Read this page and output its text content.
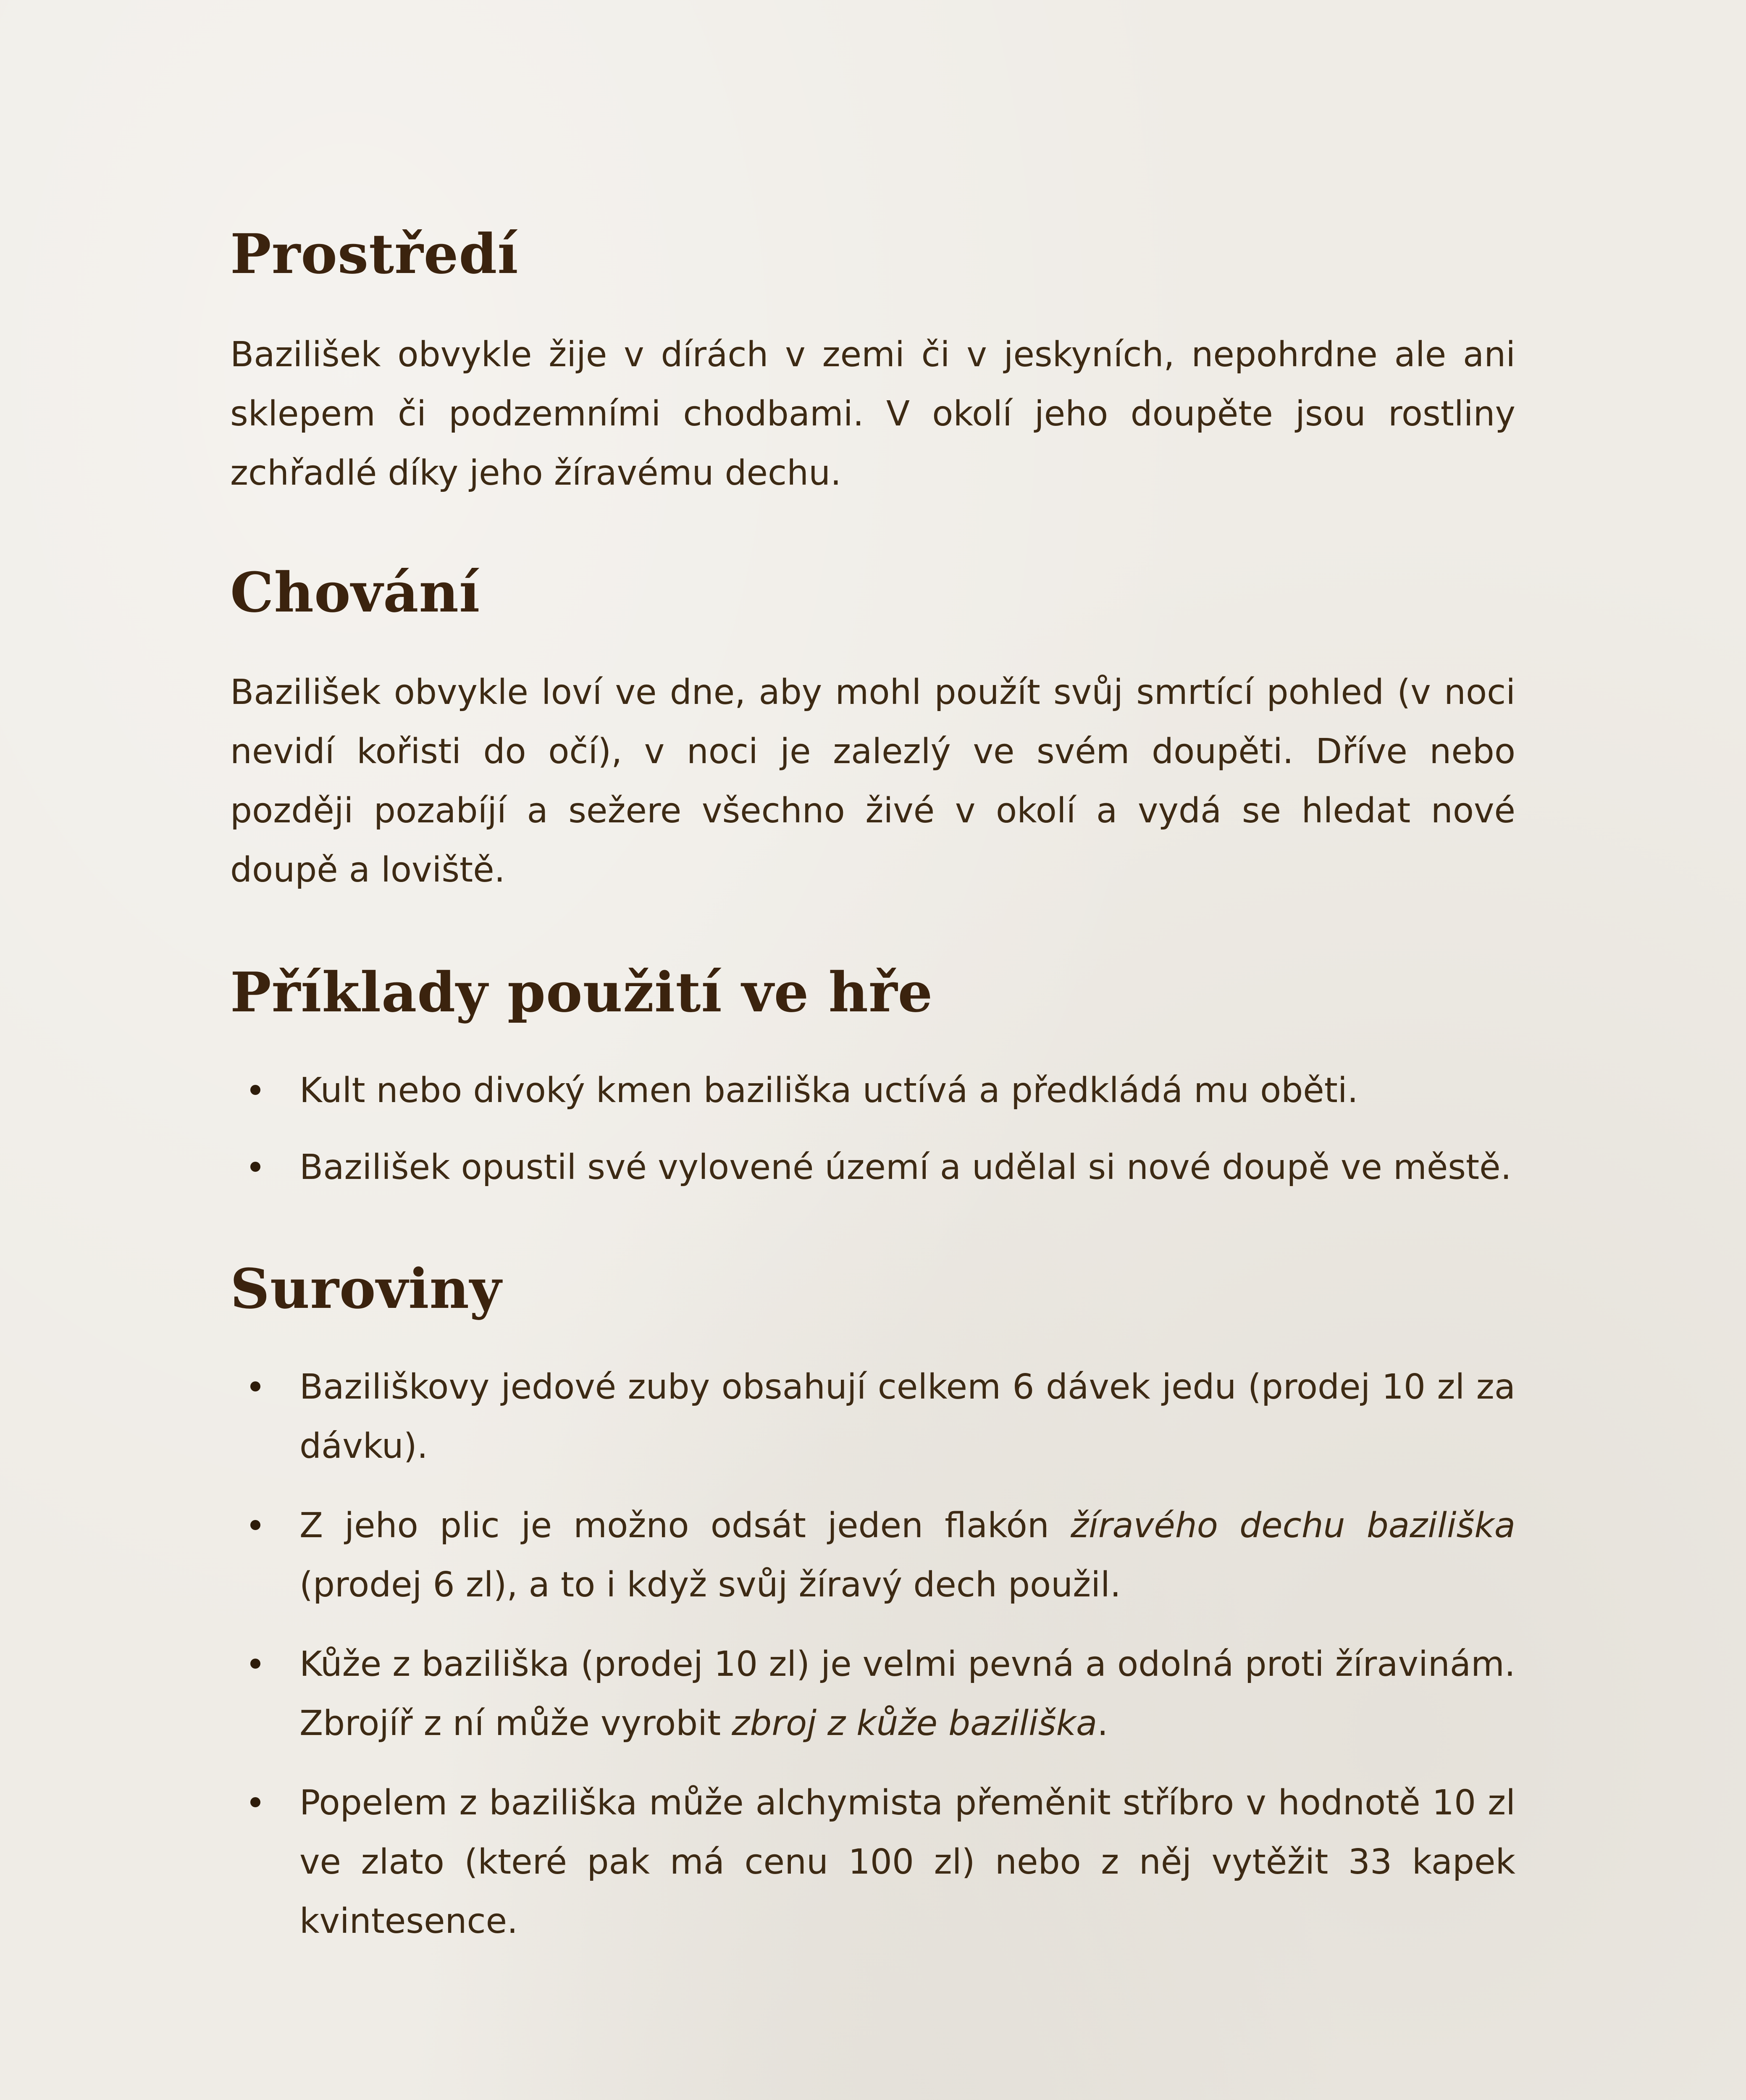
Prostředí

Bazilišek obvykle žije v dírách v zemi či v jeskyních, nepohrdne ale ani sklepem či podzemními chodbami. V okolí jeho doupěte jsou rostliny zchřadlé díky jeho žíravému dechu.

Chování

Bazilišek obvykle loví ve dne, aby mohl použít svůj smrtící pohled (v noci nevidí kořisti do očí), v noci je zalezlý ve svém doupěti. Dříve nebo později pozabíjí a sežere všechno živé v okolí a vydá se hledat nové doupě a loviště.

Příklady použití ve hře
Kult nebo divoký kmen baziliška uctívá a předkládá mu oběti.
Bazilišek opustil své vylovené území a udělal si nové doupě ve městě.
Suroviny
Baziliškovy jedové zuby obsahují celkem 6 dávek jedu (prodej 10 zl za dávku).
Z jeho plic je možno odsát jeden flakón žíravého dechu baziliška (prodej 6 zl), a to i když svůj žíravý dech použil.
Kůže z baziliška (prodej 10 zl) je velmi pevná a odolná proti žíravinám. Zbrojíř z ní může vyrobit zbroj z kůže baziliška.
Popelem z baziliška může alchymista přeměnit stříbro v hodnotě 10 zl ve zlato (které pak má cenu 100 zl) nebo z něj vytěžit 33 kapek kvintesence.
